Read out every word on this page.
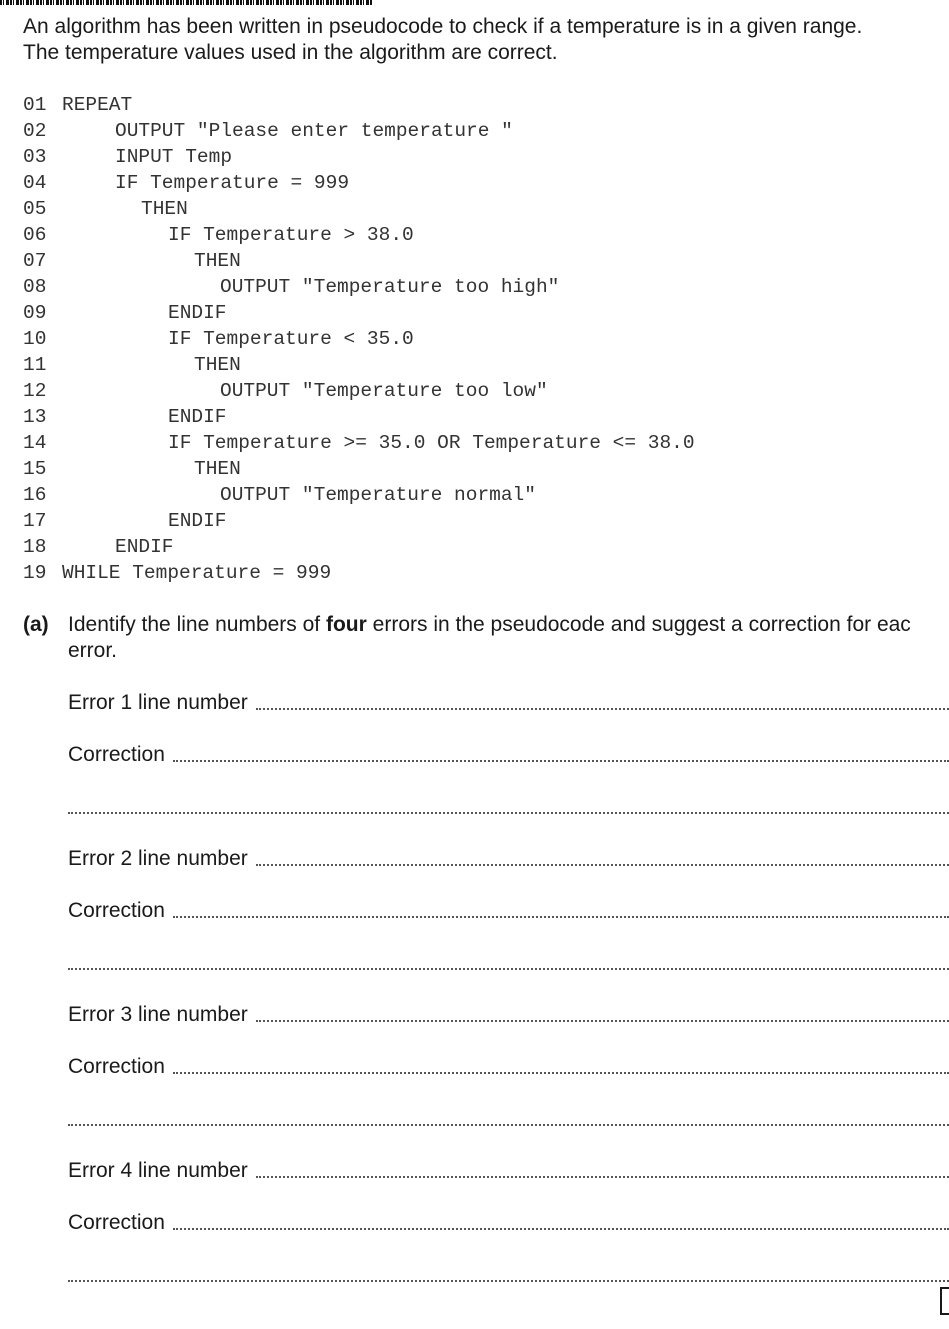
An algorithm has been written in pseudocode to check if a temperature is in a given range.
The temperature values used in the algorithm are correct.
01 REPEAT
02	OUTPUT "Please enter temperature "
03	INPUT Temp
04	IF Temperature = 999
05	THEN
06	IF Temperature > 38.0
07	THEN
08	OUTPUT "Temperature too high"
09	ENDIF
10	IF Temperature < 35.0
11	THEN
12	OUTPUT "Temperature too low"
13	ENDIF
14	IF Temperature >= 35.0 OR Temperature <= 38.0
15	THEN
16	OUTPUT "Temperature normal"
17	ENDIF
18	ENDIF
19 WHILE Temperature = 999
(a) Identify the line numbers of four errors in the pseudocode and suggest a correction for eac
error.
Error 1 line number
Correction
Error 2 line number
Correction
Error 3 line number
Correction
Error 4 line number
Correction
